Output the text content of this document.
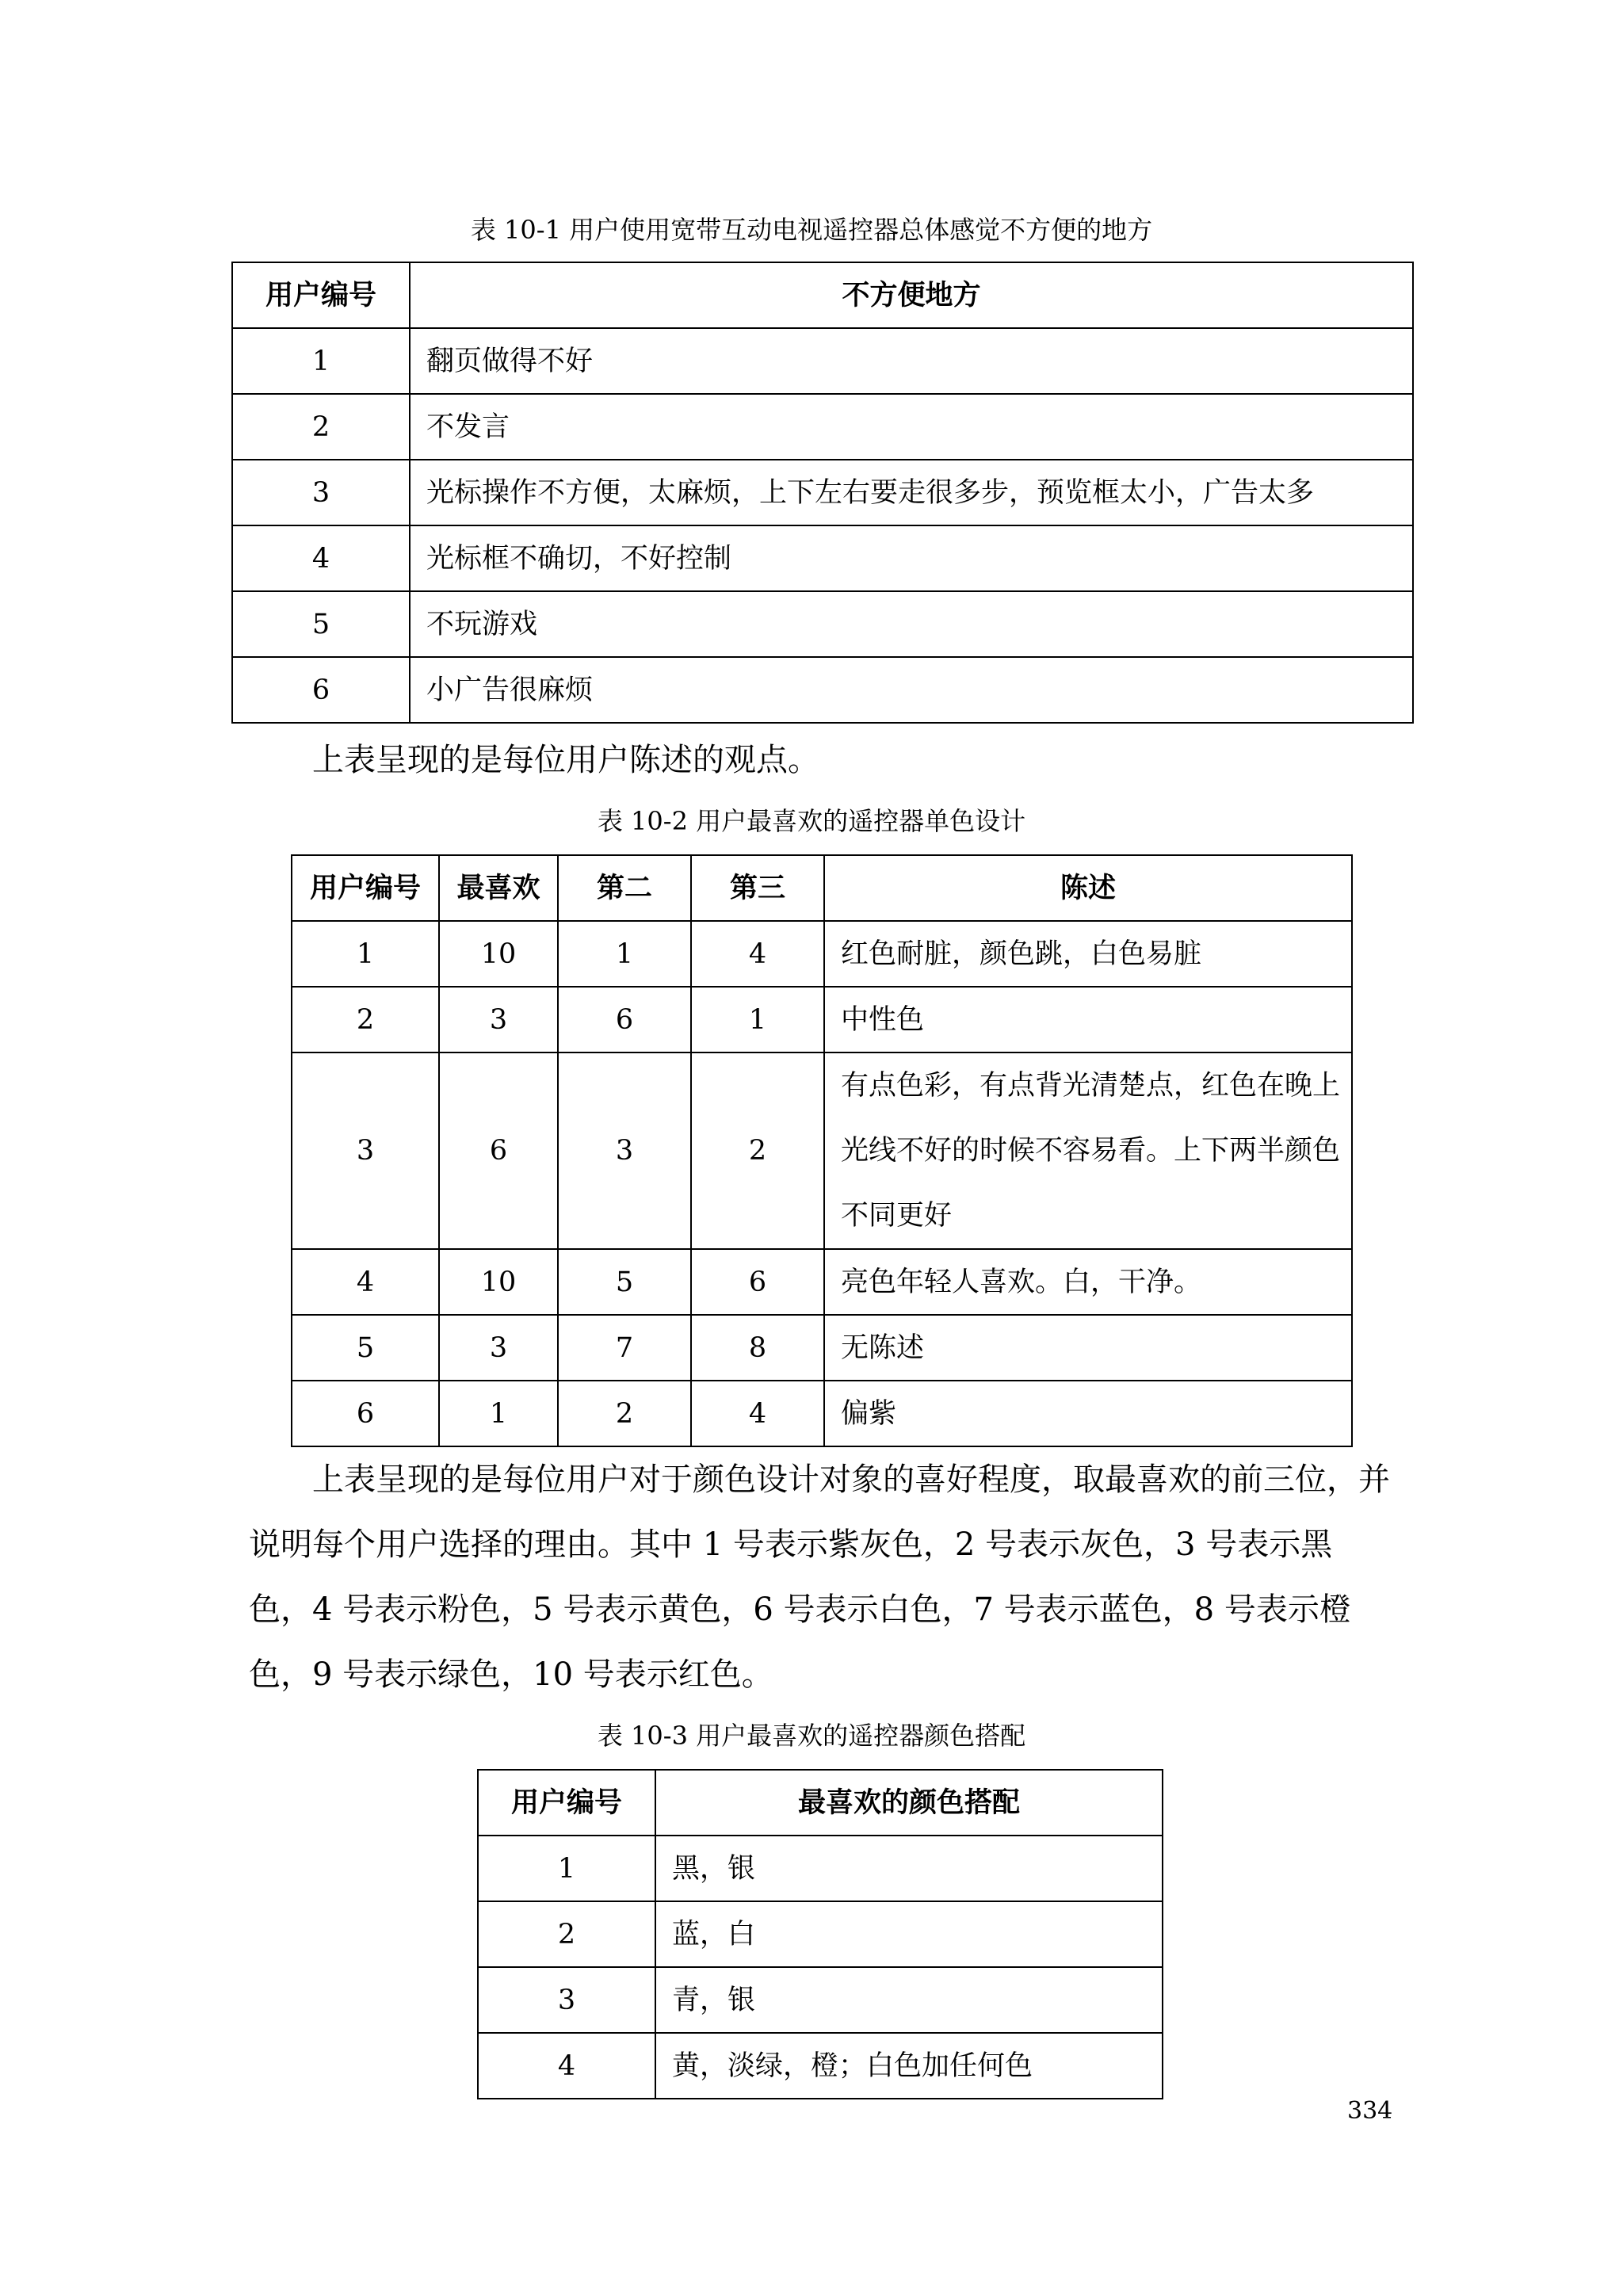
表 10-1 用户使用宽带互动电视遥控器总体感觉不方便的地方
用户编号	不方便地方
1	翻页做得不好
2	不发言
3	光标操作不方便，太麻烦，上下左右要走很多步，预览框太小，广告太多
4	光标框不确切，不好控制
5	不玩游戏
6	小广告很麻烦
上表呈现的是每位用户陈述的观点。
表 10-2 用户最喜欢的遥控器单色设计
用户编号	最喜欢	第二	第三	陈述
1	10	1	4	红色耐脏，颜色跳，白色易脏
2	3	6	1	中性色
3	6	3	2	有点色彩，有点背光清楚点，红色在晚上光线不好的时候不容易看。上下两半颜色不同更好
4	10	5	6	亮色年轻人喜欢。白，干净。
5	3	7	8	无陈述
6	1	2	4	偏紫
上表呈现的是每位用户对于颜色设计对象的喜好程度，取最喜欢的前三位，并说明每个用户选择的理由。其中 1 号表示紫灰色，2 号表示灰色，3 号表示黑色，4 号表示粉色，5 号表示黄色，6 号表示白色，7 号表示蓝色，8 号表示橙色，9 号表示绿色，10 号表示红色。
表 10-3 用户最喜欢的遥控器颜色搭配
用户编号	最喜欢的颜色搭配
1	黑，银
2	蓝，白
3	青，银
4	黄，淡绿，橙；白色加任何色
334
